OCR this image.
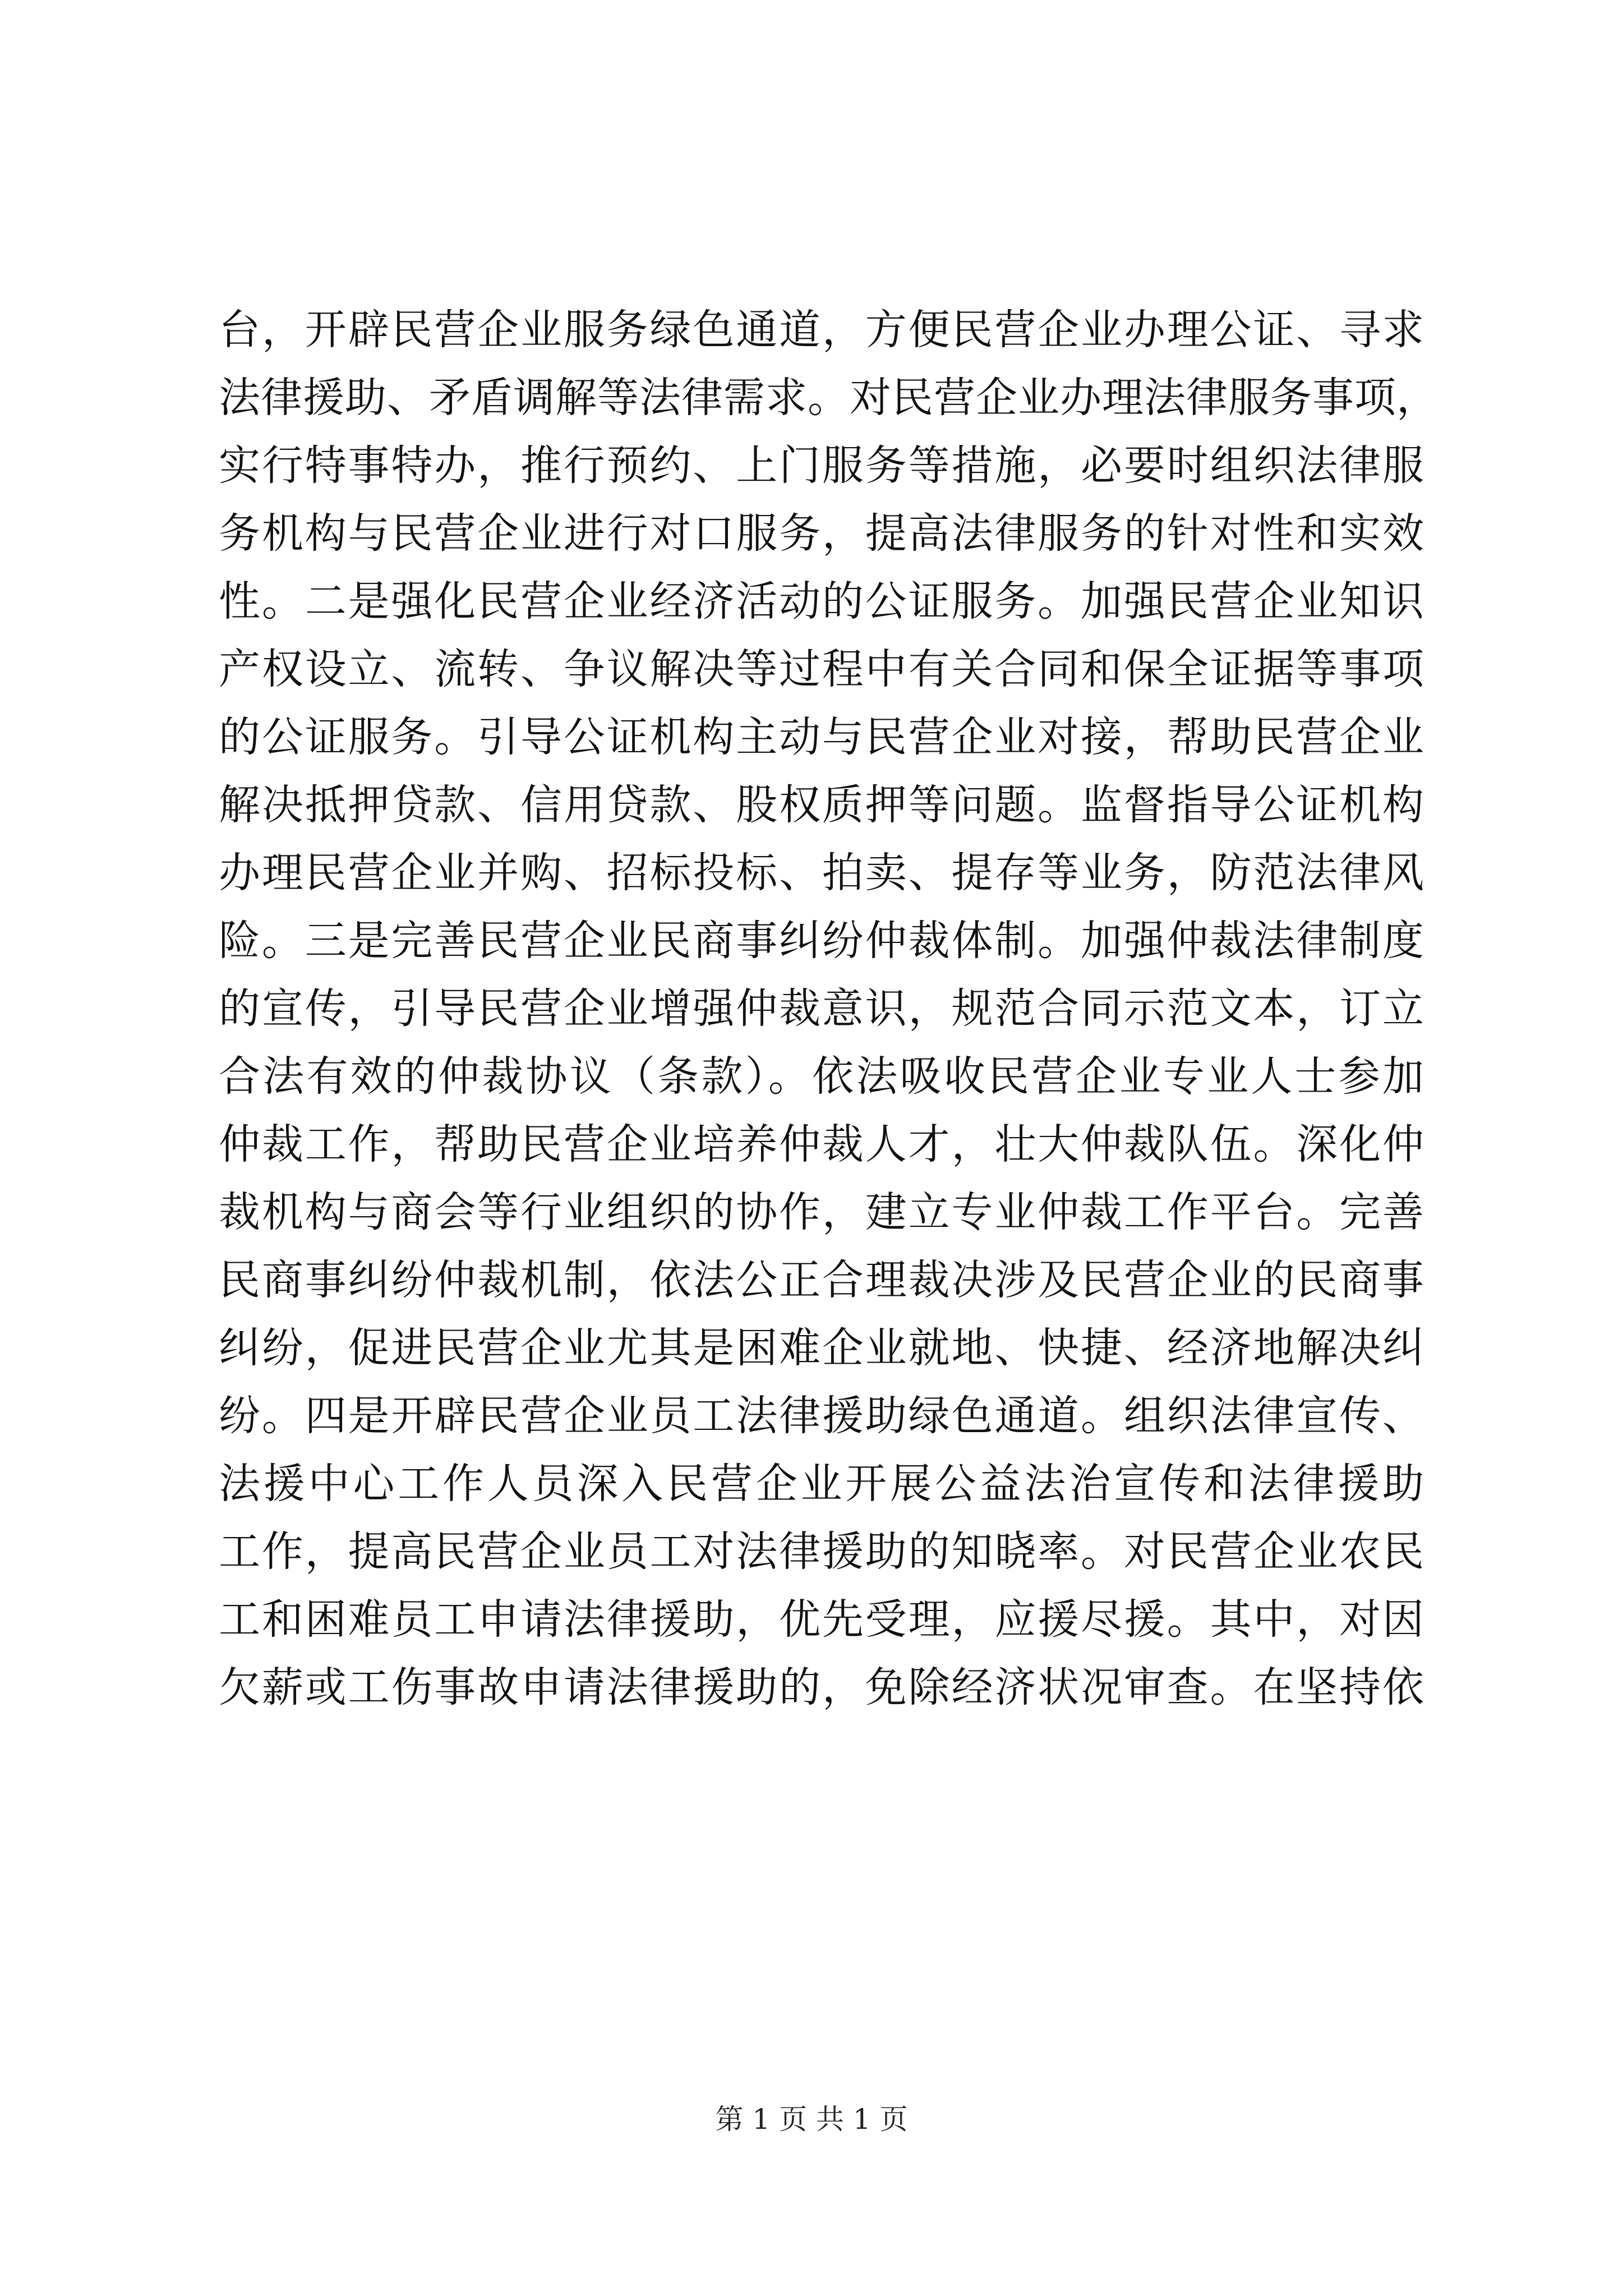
台，开辟民营企业服务绿色通道，方便民营企业办理公证、寻求
法律援助、矛盾调解等法律需求。对民营企业办理法律服务事项，
实行特事特办，推行预约、上门服务等措施，必要时组织法律服
务机构与民营企业进行对口服务，提高法律服务的针对性和实效
性。二是强化民营企业经济活动的公证服务。加强民营企业知识
产权设立、流转、争议解决等过程中有关合同和保全证据等事项
的公证服务。引导公证机构主动与民营企业对接，帮助民营企业
解决抵押贷款、信用贷款、股权质押等问题。监督指导公证机构
办理民营企业并购、招标投标、拍卖、提存等业务，防范法律风
险。三是完善民营企业民商事纠纷仲裁体制。加强仲裁法律制度
的宣传，引导民营企业增强仲裁意识，规范合同示范文本，订立
合法有效的仲裁协议（条款）。依法吸收民营企业专业人士参加
仲裁工作，帮助民营企业培养仲裁人才，壮大仲裁队伍。深化仲
裁机构与商会等行业组织的协作，建立专业仲裁工作平台。完善
民商事纠纷仲裁机制，依法公正合理裁决涉及民营企业的民商事
纠纷，促进民营企业尤其是困难企业就地、快捷、经济地解决纠
纷。四是开辟民营企业员工法律援助绿色通道。组织法律宣传、
法援中心工作人员深入民营企业开展公益法治宣传和法律援助
工作，提高民营企业员工对法律援助的知晓率。对民营企业农民
工和困难员工申请法律援助，优先受理，应援尽援。其中，对因
欠薪或工伤事故申请法律援助的，免除经济状况审查。在坚持依
第 1 页 共 1 页
